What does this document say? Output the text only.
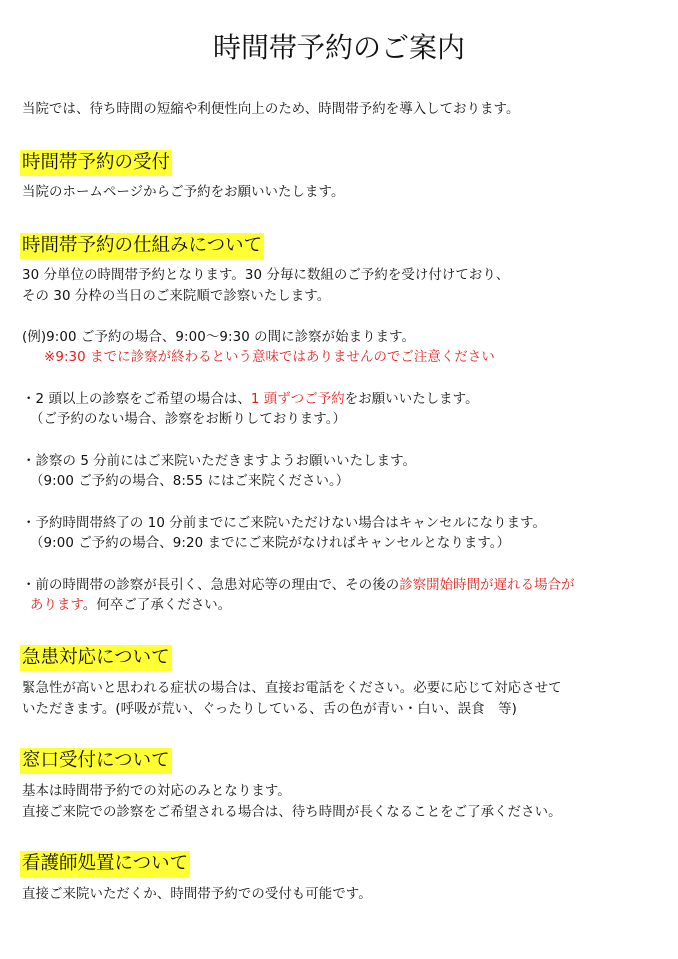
時間帯予約のご案内
当院では、待ち時間の短縮や利便性向上のため、時間帯予約を導入しております。
時間帯予約の受付
当院のホームページからご予約をお願いいたします。
時間帯予約の仕組みについて
30 分単位の時間帯予約となります。30 分毎に数組のご予約を受け付けており、
その 30 分枠の当日のご来院順で診察いたします。
(例)9:00 ご予約の場合、9:00～9:30 の間に診察が始まります。
※9:30 までに診察が終わるという意味ではありませんのでご注意ください
・2 頭以上の診察をご希望の場合は、1 頭ずつご予約をお願いいたします。
（ご予約のない場合、診察をお断りしております。）
・診察の 5 分前にはご来院いただきますようお願いいたします。
（9:00 ご予約の場合、8:55 にはご来院ください。）
・予約時間帯終了の 10 分前までにご来院いただけない場合はキャンセルになります。
（9:00 ご予約の場合、9:20 までにご来院がなければキャンセルとなります。）
・前の時間帯の診察が長引く、急患対応等の理由で、その後の診察開始時間が遅れる場合が
あります。何卒ご了承ください。
急患対応について
緊急性が高いと思われる症状の場合は、直接お電話をください。必要に応じて対応させて
いただきます。(呼吸が荒い、ぐったりしている、舌の色が青い・白い、誤食　等)
窓口受付について
基本は時間帯予約での対応のみとなります。
直接ご来院での診察をご希望される場合は、待ち時間が長くなることをご了承ください。
看護師処置について
直接ご来院いただくか、時間帯予約での受付も可能です。
